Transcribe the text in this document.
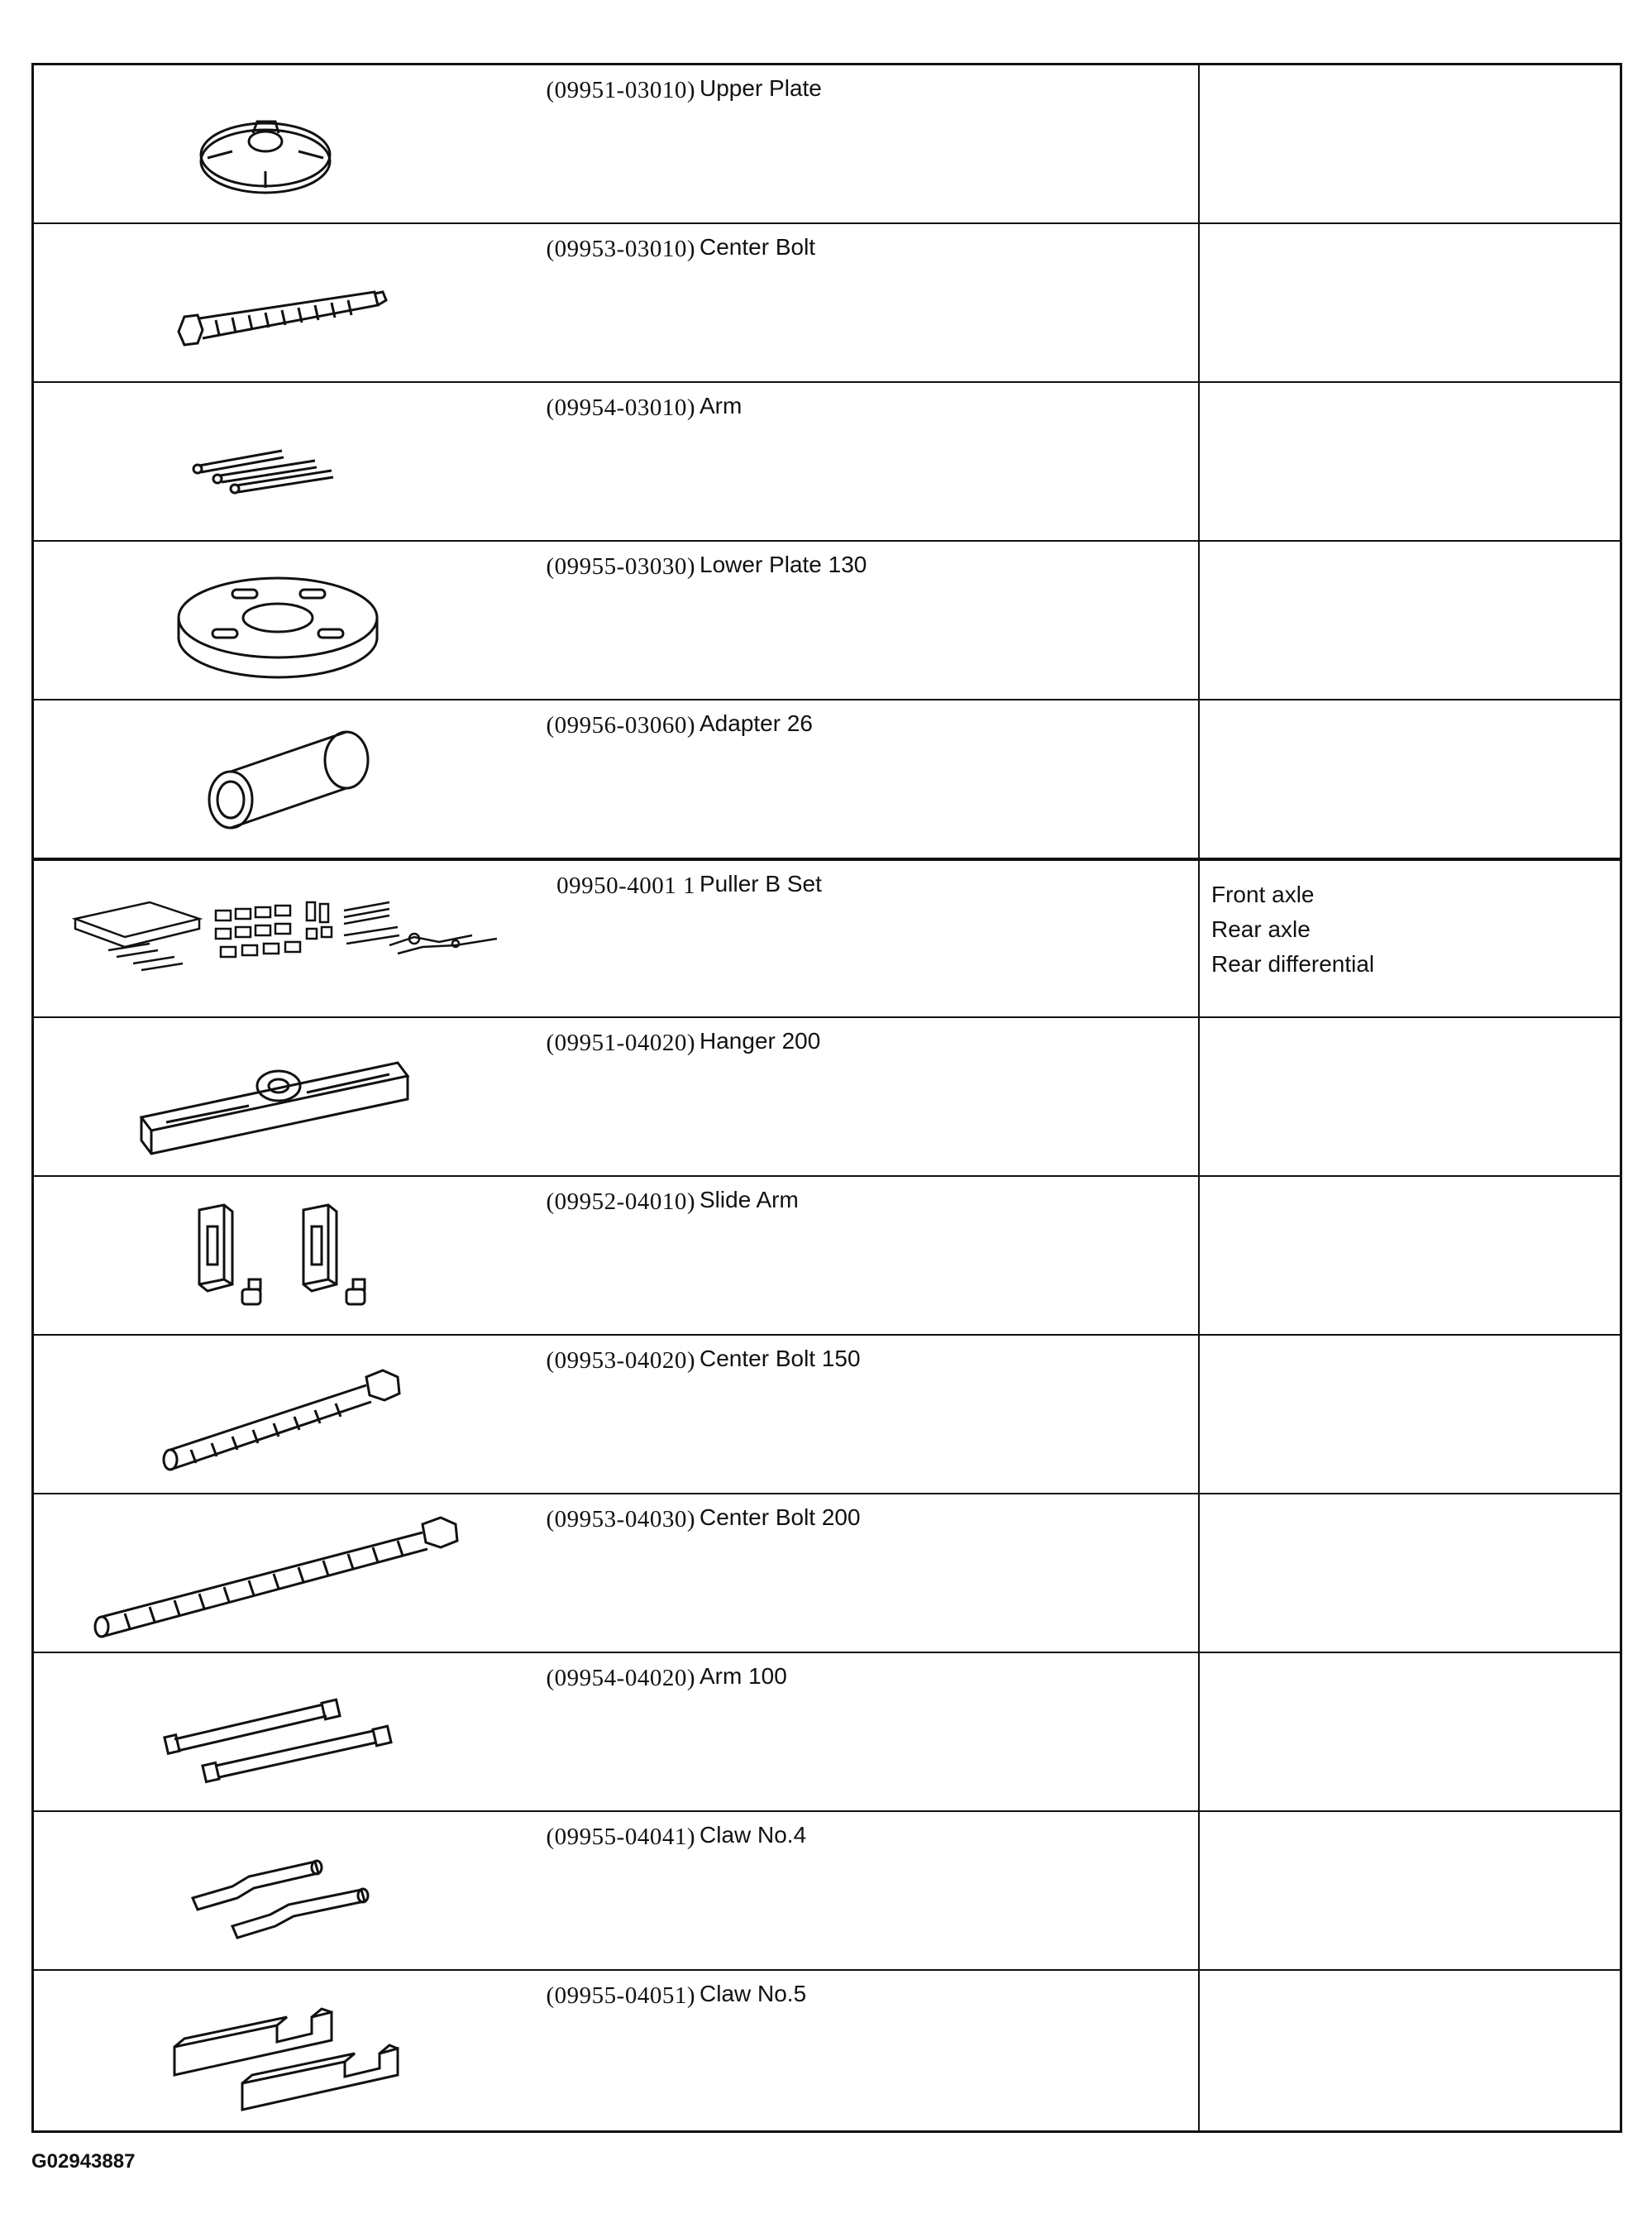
(09951-03010) Upper Plate
(09953-03010) Center Bolt
(09954-03010) Arm
(09955-03030) Lower Plate 130
(09956-03060) Adapter 26
09950-4001 1 Puller B Set	Front axle
Rear axle
Rear differential
(09951-04020) Hanger 200
(09952-04010) Slide Arm
(09953-04020) Center Bolt 150
(09953-04030) Center Bolt 200
(09954-04020) Arm 100
(09955-04041) Claw No.4
(09955-04051) Claw No.5
G02943887
